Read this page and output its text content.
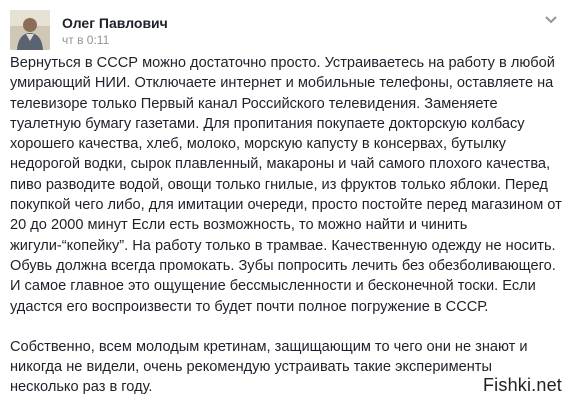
Олег Павлович
чт в 0:11

Вернуться в СССР можно достаточно просто. Устраиваетесь на работу в любой умирающий НИИ. Отключаете интернет и мобильные телефоны, оставляете на телевизоре только Первый канал Российского телевидения. Заменяете туалетную бумагу газетами. Для пропитания покупаете докторскую колбасу хорошего качества, хлеб, молоко, морскую капусту в консервах, бутылку недорогой водки, сырок плавленный, макароны и чай самого плохого качества, пиво разводите водой, овощи только гнилые, из фруктов только яблоки. Перед покупкой чего либо, для имитации очереди, просто постойте перед магазином от 20 до 2000 минут Если есть возможность, то можно найти и чинить жигули-“копейку”. На работу только в трамвае. Качественную одежду не носить. Обувь должна всегда промокать. Зубы попросить лечить без обезболивающего. И самое главное это ощущение бессмысленности и бесконечной тоски. Если удастся его воспроизвести то будет почти полное погружение в СССР.

Собственно, всем молодым кретинам, защищающим то чего они не знают и никогда не видели, очень рекомендую устраивать такие эксперименты несколько раз в году.	Fishki.net
